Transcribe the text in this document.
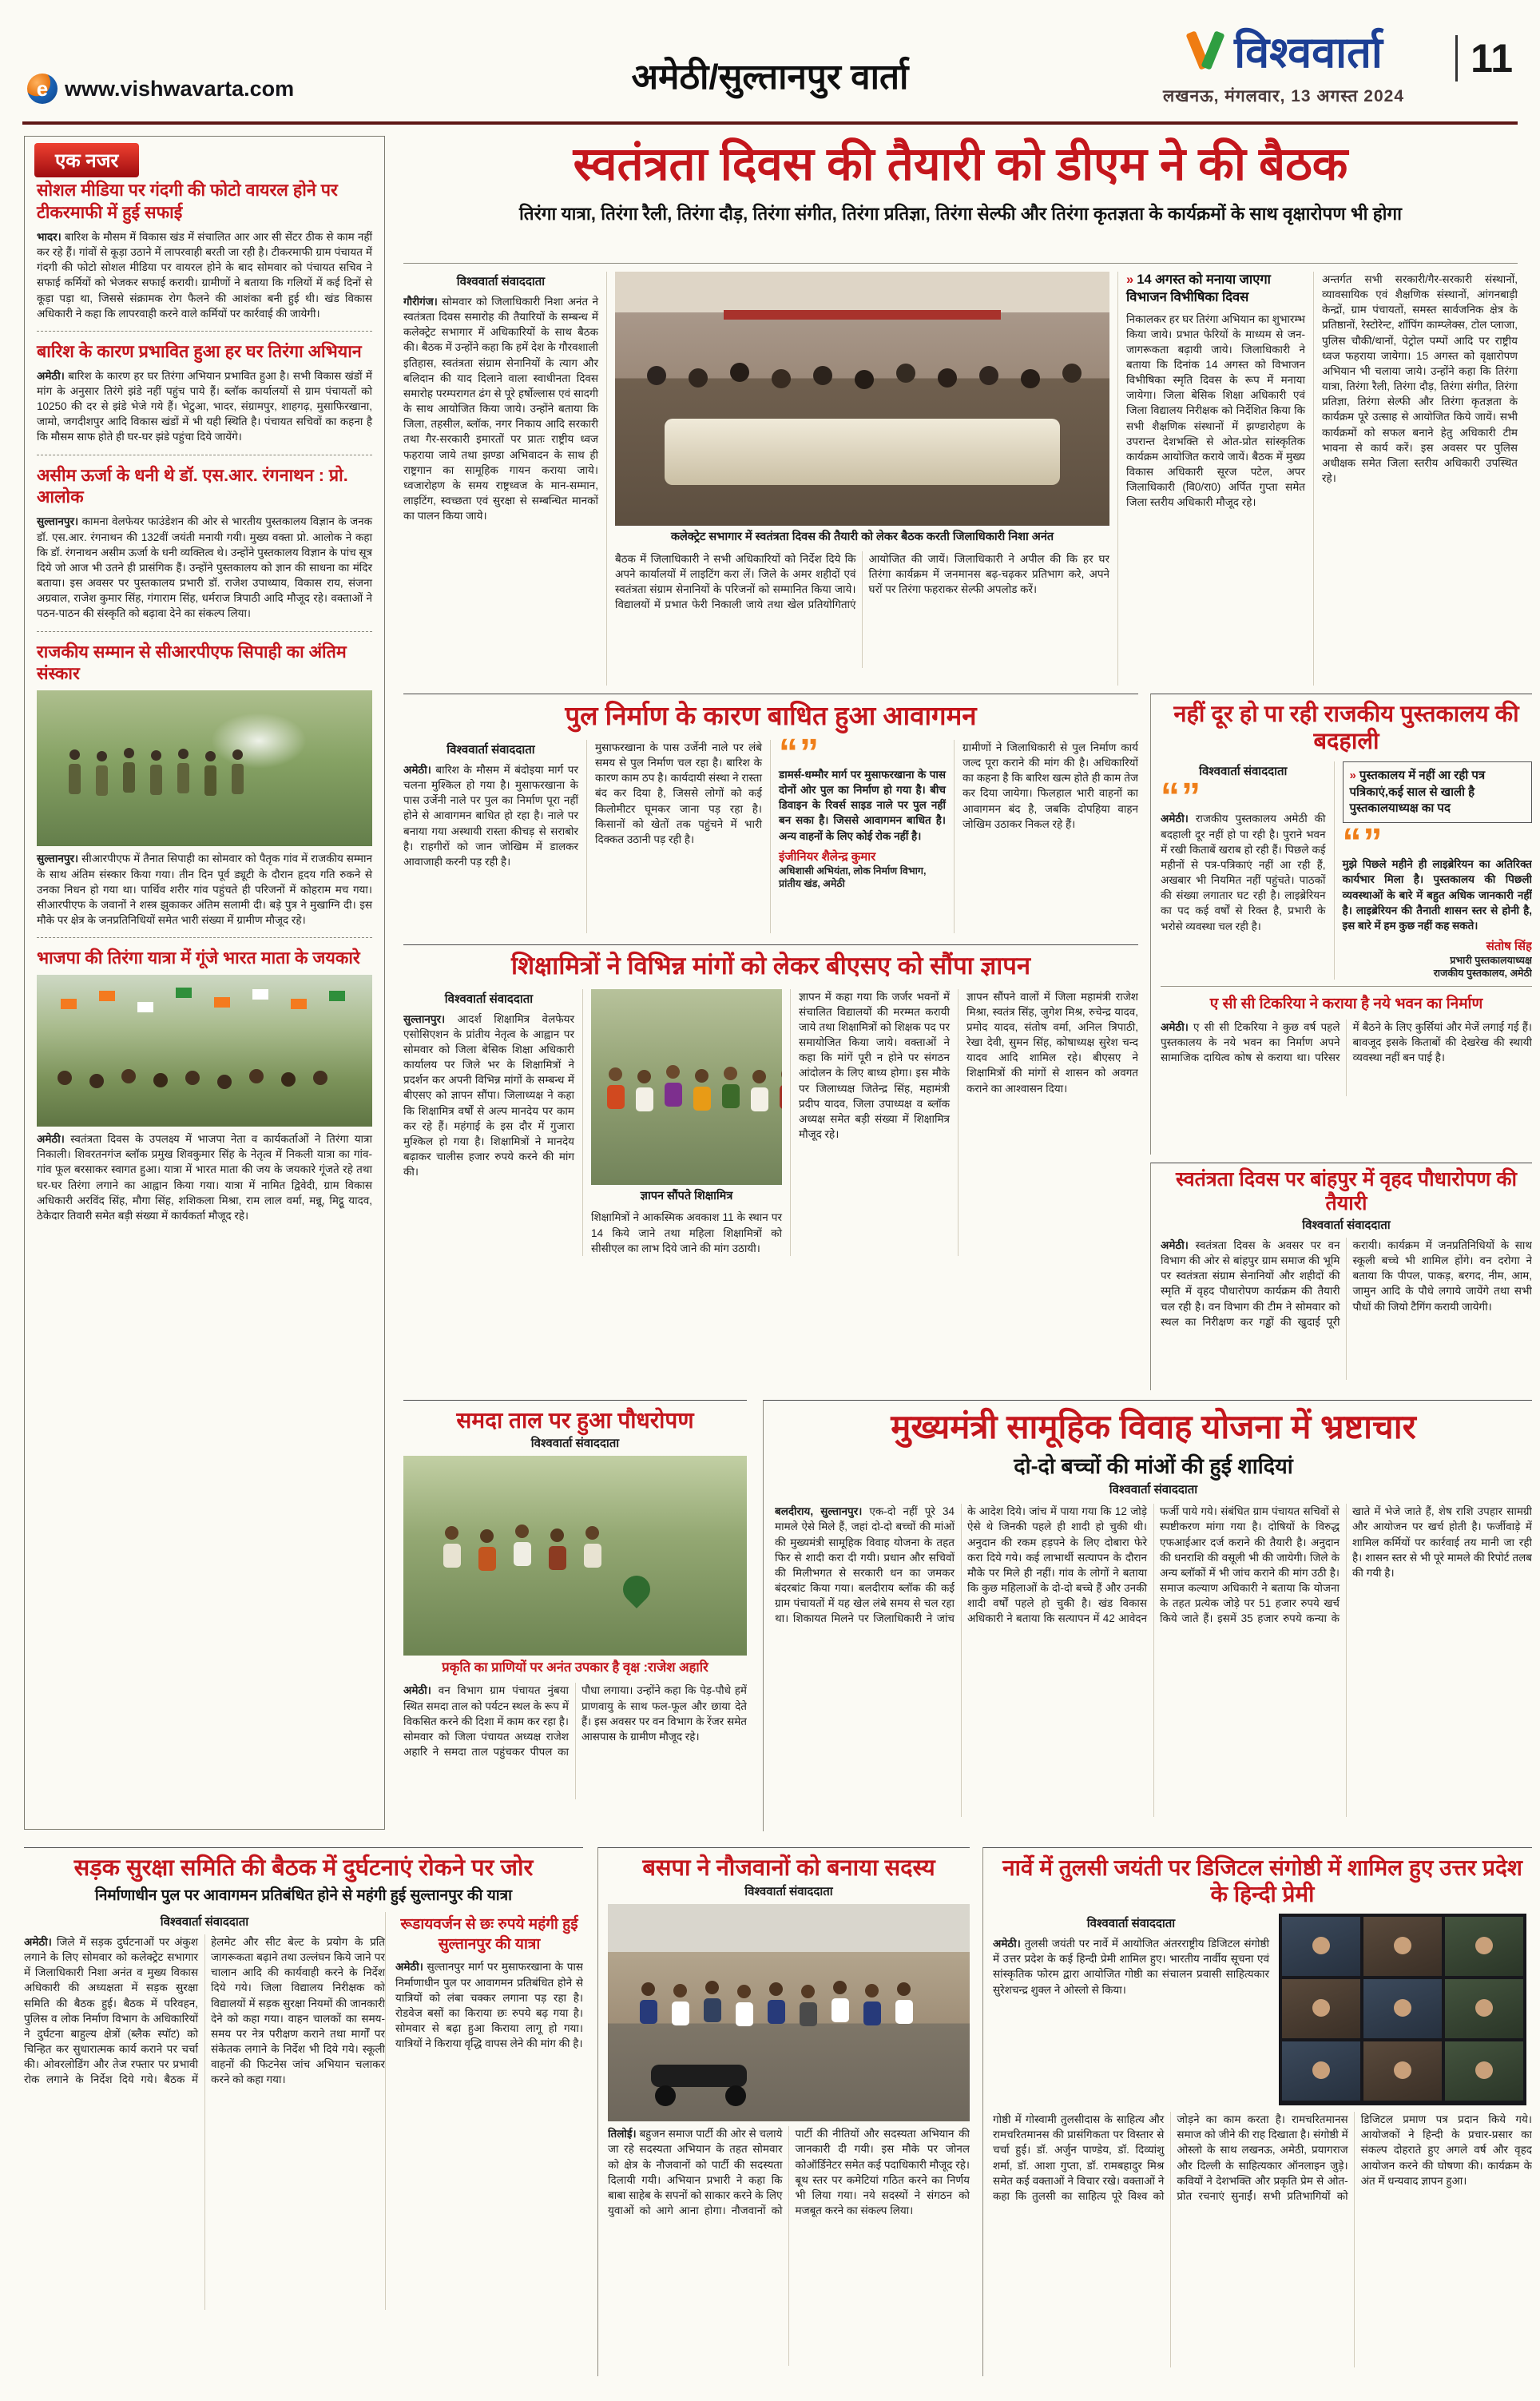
e
www.vishwavarta.com	अमेठी/सुल्तानपुर वार्ता
विश्ववार्ता
लखनऊ, मंगलवार, 13 अगस्त 2024
11
एक नजर
सोशल मीडिया पर गंदगी की फोटो वायरल होने पर टीकरमाफी में हुई सफाई

भादर। बारिश के मौसम में विकास खंड में संचालित आर आर सी सेंटर ठीक से काम नहीं कर रहे हैं। गांवों से कूड़ा उठाने में लापरवाही बरती जा रही है। टीकरमाफी ग्राम पंचायत में गंदगी की फोटो सोशल मीडिया पर वायरल होने के बाद सोमवार को पंचायत सचिव ने सफाई कर्मियों को भेजकर सफाई करायी। ग्रामीणों ने बताया कि गलियों में कई दिनों से कूड़ा पड़ा था, जिससे संक्रामक रोग फैलने की आशंका बनी हुई थी। खंड विकास अधिकारी ने कहा कि लापरवाही करने वाले कर्मियों पर कार्रवाई की जायेगी।

बारिश के कारण प्रभावित हुआ हर घर तिरंगा अभियान

अमेठी। बारिश के कारण हर घर तिरंगा अभियान प्रभावित हुआ है। सभी विकास खंडों में मांग के अनुसार तिरंगे झंडे नहीं पहुंच पाये हैं। ब्लॉक कार्यालयों से ग्राम पंचायतों को 10250 की दर से झंडे भेजे गये हैं। भेटुआ, भादर, संग्रामपुर, शाहगढ़, मुसाफिरखाना, जामो, जगदीशपुर आदि विकास खंडों में भी यही स्थिति है। पंचायत सचिवों का कहना है कि मौसम साफ होते ही घर-घर झंडे पहुंचा दिये जायेंगे।

असीम ऊर्जा के धनी थे डॉ. एस.आर. रंगनाथन : प्रो. आलोक

सुल्तानपुर। कामना वेलफेयर फाउंडेशन की ओर से भारतीय पुस्तकालय विज्ञान के जनक डॉ. एस.आर. रंगनाथन की 132वीं जयंती मनायी गयी। मुख्य वक्ता प्रो. आलोक ने कहा कि डॉ. रंगनाथन असीम ऊर्जा के धनी व्यक्तित्व थे। उन्होंने पुस्तकालय विज्ञान के पांच सूत्र दिये जो आज भी उतने ही प्रासंगिक हैं। उन्होंने पुस्तकालय को ज्ञान की साधना का मंदिर बताया। इस अवसर पर पुस्तकालय प्रभारी डॉ. राजेश उपाध्याय, विकास राय, संजना अग्रवाल, राजेश कुमार सिंह, गंगाराम सिंह, धर्मराज त्रिपाठी आदि मौजूद रहे। वक्ताओं ने पठन-पाठन की संस्कृति को बढ़ावा देने का संकल्प लिया।

राजकीय सम्मान से सीआरपीएफ सिपाही का अंतिम संस्कार

सुल्तानपुर। सीआरपीएफ में तैनात सिपाही का सोमवार को पैतृक गांव में राजकीय सम्मान के साथ अंतिम संस्कार किया गया। तीन दिन पूर्व ड्यूटी के दौरान हृदय गति रुकने से उनका निधन हो गया था। पार्थिव शरीर गांव पहुंचते ही परिजनों में कोहराम मच गया। सीआरपीएफ के जवानों ने शस्त्र झुकाकर अंतिम सलामी दी। बड़े पुत्र ने मुखाग्नि दी। इस मौके पर क्षेत्र के जनप्रतिनिधियों समेत भारी संख्या में ग्रामीण मौजूद रहे।

भाजपा की तिरंगा यात्रा में गूंजे भारत माता के जयकारे

अमेठी। स्वतंत्रता दिवस के उपलक्ष्य में भाजपा नेता व कार्यकर्ताओं ने तिरंगा यात्रा निकाली। शिवरतनगंज ब्लॉक प्रमुख शिवकुमार सिंह के नेतृत्व में निकली यात्रा का गांव-गांव फूल बरसाकर स्वागत हुआ। यात्रा में भारत माता की जय के जयकारे गूंजते रहे तथा घर-घर तिरंगा लगाने का आह्वान किया गया। यात्रा में नामित द्विवेदी, ग्राम विकास अधिकारी अरविंद सिंह, मौगा सिंह, शशिकला मिश्रा, राम लाल वर्मा, मन्नू, मिट्ठू यादव, ठेकेदार तिवारी समेत बड़ी संख्या में कार्यकर्ता मौजूद रहे।

स्वतंत्रता दिवस की तैयारी को डीएम ने की बैठक
तिरंगा यात्रा, तिरंगा रैली, तिरंगा दौड़, तिरंगा संगीत, तिरंगा प्रतिज्ञा, तिरंगा सेल्फी और तिरंगा कृतज्ञता के कार्यक्रमों के साथ वृक्षारोपण भी होगा
विश्ववार्ता संवाददाता

गौरीगंज। सोमवार को जिलाधिकारी निशा अनंत ने स्वतंत्रता दिवस समारोह की तैयारियों के सम्बन्ध में कलेक्ट्रेट सभागार में अधिकारियों के साथ बैठक की। बैठक में उन्होंने कहा कि हमें देश के गौरवशाली इतिहास, स्वतंत्रता संग्राम सेनानियों के त्याग और बलिदान की याद दिलाने वाला स्वाधीनता दिवस समारोह परम्परागत ढंग से पूरे हर्षोल्लास एवं सादगी के साथ आयोजित किया जाये। उन्होंने बताया कि जिला, तहसील, ब्लॉक, नगर निकाय आदि सरकारी तथा गैर-सरकारी इमारतों पर प्रातः राष्ट्रीय ध्वज फहराया जाये तथा झण्डा अभिवादन के साथ ही राष्ट्रगान का सामूहिक गायन कराया जाये। ध्वजारोहण के समय राष्ट्रध्वज के मान-सम्मान, लाइटिंग, स्वच्छता एवं सुरक्षा से सम्बन्धित मानकों का पालन किया जाये।

कलेक्ट्रेट सभागार में स्वतंत्रता दिवस की तैयारी को लेकर बैठक करती जिलाधिकारी निशा अनंत
बैठक में जिलाधिकारी ने सभी अधिकारियों को निर्देश दिये कि अपने कार्यालयों में लाइटिंग करा लें। जिले के अमर शहीदों एवं स्वतंत्रता संग्राम सेनानियों के परिजनों को सम्मानित किया जाये। विद्यालयों में प्रभात फेरी निकाली जाये तथा खेल प्रतियोगिताएं आयोजित की जायें। जिलाधिकारी ने अपील की कि हर घर तिरंगा कार्यक्रम में जनमानस बढ़-चढ़कर प्रतिभाग करे, अपने घरों पर तिरंगा फहराकर सेल्फी अपलोड करें।

» 14 अगस्त को मनाया जाएगा विभाजन विभीषिका दिवस

निकालकर हर घर तिरंगा अभियान का शुभारम्भ किया जाये। प्रभात फेरियों के माध्यम से जन-जागरूकता बढ़ायी जाये। जिलाधिकारी ने बताया कि दिनांक 14 अगस्त को विभाजन विभीषिका स्मृति दिवस के रूप में मनाया जायेगा। जिला बेसिक शिक्षा अधिकारी एवं जिला विद्यालय निरीक्षक को निर्देशित किया कि सभी शैक्षणिक संस्थानों में झण्डारोहण के उपरान्त देशभक्ति से ओत-प्रोत सांस्कृतिक कार्यक्रम आयोजित कराये जायें। बैठक में मुख्य विकास अधिकारी सूरज पटेल, अपर जिलाधिकारी (वि0/रा0) अर्पित गुप्ता समेत जिला स्तरीय अधिकारी मौजूद रहे।

अन्तर्गत सभी सरकारी/गैर-सरकारी संस्थानों, व्यावसायिक एवं शैक्षणिक संस्थानों, आंगनबाड़ी केन्द्रों, ग्राम पंचायतों, समस्त सार्वजनिक क्षेत्र के प्रतिष्ठानों, रेस्टोरेन्ट, शॉपिंग काम्प्लेक्स, टोल प्लाजा, पुलिस चौकी/थानों, पेट्रोल पम्पों आदि पर राष्ट्रीय ध्वज फहराया जायेगा। 15 अगस्त को वृक्षारोपण अभियान भी चलाया जाये। उन्होंने कहा कि तिरंगा यात्रा, तिरंगा रैली, तिरंगा दौड़, तिरंगा संगीत, तिरंगा प्रतिज्ञा, तिरंगा सेल्फी और तिरंगा कृतज्ञता के कार्यक्रम पूरे उत्साह से आयोजित किये जायें। सभी कार्यक्रमों को सफल बनाने हेतु अधिकारी टीम भावना से कार्य करें। इस अवसर पर पुलिस अधीक्षक समेत जिला स्तरीय अधिकारी उपस्थित रहे।

पुल निर्माण के कारण बाधित हुआ आवागमन
विश्ववार्ता संवाददाता

अमेठी। बारिश के मौसम में बंदोइया मार्ग पर चलना मुश्किल हो गया है। मुसाफरखाना के पास उर्जेनी नाले पर पुल का निर्माण पूरा नहीं होने से आवागमन बाधित हो रहा है। नाले पर बनाया गया अस्थायी रास्ता कीचड़ से सराबोर है। राहगीरों को जान जोखिम में डालकर आवाजाही करनी पड़ रही है।

मुसाफरखाना के पास उर्जेनी नाले पर लंबे समय से पुल निर्माण चल रहा है। बारिश के कारण काम ठप है। कार्यदायी संस्था ने रास्ता बंद कर दिया है, जिससे लोगों को कई किलोमीटर घूमकर जाना पड़ रहा है। किसानों को खेतों तक पहुंचने में भारी दिक्कत उठानी पड़ रही है।

“”

डामर्स-धम्मौर मार्ग पर मुसाफरखाना के पास दोनों ओर पुल का निर्माण हो गया है। बीच डिवाइन के रिवर्स साइड नाले पर पुल नहीं बन सका है। जिससे आवागमन बाधित है। अन्य वाहनों के लिए कोई रोक नहीं है।

इंजीनियर शैलेन्द्र कुमार
अधिशासी अभियंता, लोक निर्माण विभाग, प्रांतीय खंड, अमेठी

ग्रामीणों ने जिलाधिकारी से पुल निर्माण कार्य जल्द पूरा कराने की मांग की है। अधिकारियों का कहना है कि बारिश खत्म होते ही काम तेज कर दिया जायेगा। फिलहाल भारी वाहनों का आवागमन बंद है, जबकि दोपहिया वाहन जोखिम उठाकर निकल रहे हैं।

नहीं दूर हो पा रही राजकीय पुस्तकालय की बदहाली
विश्ववार्ता संवाददाता
“”

अमेठी। राजकीय पुस्तकालय अमेठी की बदहाली दूर नहीं हो पा रही है। पुराने भवन में रखी किताबें खराब हो रही हैं। पिछले कई महीनों से पत्र-पत्रिकाएं नहीं आ रही हैं, अखबार भी नियमित नहीं पहुंचते। पाठकों की संख्या लगातार घट रही है। लाइब्रेरियन का पद कई वर्षों से रिक्त है, प्रभारी के भरोसे व्यवस्था चल रही है।

» पुस्तकालय में नहीं आ रही पत्र पत्रिकाएं,कई साल से खाली है पुस्तकालयाध्यक्ष का पद
“”

मुझे पिछले महीने ही लाइब्रेरियन का अतिरिक्त कार्यभार मिला है। पुस्तकालय की पिछली व्यवस्थाओं के बारे में बहुत अधिक जानकारी नहीं है। लाइब्रेरियन की तैनाती शासन स्तर से होनी है, इस बारे में हम कुछ नहीं कह सकते।

संतोष सिंह
प्रभारी पुस्तकालयाध्यक्ष
राजकीय पुस्तकालय, अमेठी
ए सी सी टिकरिया ने कराया है नये भवन का निर्माण
अमेठी। ए सी सी टिकरिया ने कुछ वर्ष पहले पुस्तकालय के नये भवन का निर्माण अपने सामाजिक दायित्व कोष से कराया था। परिसर में बैठने के लिए कुर्सियां और मेजें लगाई गई हैं। बावजूद इसके किताबों की देखरेख की स्थायी व्यवस्था नहीं बन पाई है।
शिक्षामित्रों ने विभिन्न मांगों को लेकर बीएसए को सौंपा ज्ञापन
विश्ववार्ता संवाददाता

सुल्तानपुर। आदर्श शिक्षामित्र वेलफेयर एसोसिएशन के प्रांतीय नेतृत्व के आह्वान पर सोमवार को जिला बेसिक शिक्षा अधिकारी कार्यालय पर जिले भर के शिक्षामित्रों ने प्रदर्शन कर अपनी विभिन्न मांगों के सम्बन्ध में बीएसए को ज्ञापन सौंपा। जिलाध्यक्ष ने कहा कि शिक्षामित्र वर्षों से अल्प मानदेय पर काम कर रहे हैं। महंगाई के इस दौर में गुजारा मुश्किल हो गया है। शिक्षामित्रों ने मानदेय बढ़ाकर चालीस हजार रुपये करने की मांग की।

ज्ञापन सौंपते शिक्षामित्र

शिक्षामित्रों ने आकस्मिक अवकाश 11 के स्थान पर 14 किये जाने तथा महिला शिक्षामित्रों को सीसीएल का लाभ दिये जाने की मांग उठायी।

ज्ञापन में कहा गया कि जर्जर भवनों में संचालित विद्यालयों की मरम्मत करायी जाये तथा शिक्षामित्रों को शिक्षक पद पर समायोजित किया जाये। वक्ताओं ने कहा कि मांगें पूरी न होने पर संगठन आंदोलन के लिए बाध्य होगा। इस मौके पर जिलाध्यक्ष जितेन्द्र सिंह, महामंत्री प्रदीप यादव, जिला उपाध्यक्ष व ब्लॉक अध्यक्ष समेत बड़ी संख्या में शिक्षामित्र मौजूद रहे।

ज्ञापन सौंपने वालों में जिला महामंत्री राजेश मिश्रा, स्वतंत्र सिंह, जुगेश मिश्र, रुचेन्द्र यादव, प्रमोद यादव, संतोष वर्मा, अनिल त्रिपाठी, रेखा देवी, सुमन सिंह, कोषाध्यक्ष सुरेश चन्द यादव आदि शामिल रहे। बीएसए ने शिक्षामित्रों की मांगों से शासन को अवगत कराने का आश्वासन दिया।

स्वतंत्रता दिवस पर बांहपुर में वृहद पौधारोपण की तैयारी
विश्ववार्ता संवाददाता
अमेठी। स्वतंत्रता दिवस के अवसर पर वन विभाग की ओर से बांहपुर ग्राम समाज की भूमि पर स्वतंत्रता संग्राम सेनानियों और शहीदों की स्मृति में वृहद पौधारोपण कार्यक्रम की तैयारी चल रही है। वन विभाग की टीम ने सोमवार को स्थल का निरीक्षण कर गड्ढों की खुदाई पूरी करायी। कार्यक्रम में जनप्रतिनिधियों के साथ स्कूली बच्चे भी शामिल होंगे। वन दरोगा ने बताया कि पीपल, पाकड़, बरगद, नीम, आम, जामुन आदि के पौधे लगाये जायेंगे तथा सभी पौधों की जियो टैगिंग करायी जायेगी।
समदा ताल पर हुआ पौधरोपण
विश्ववार्ता संवाददाता
प्रकृति का प्राणियों पर अनंत उपकार है वृक्ष :राजेश अहारि
अमेठी। वन विभाग ग्राम पंचायत नुंबया स्थित समदा ताल को पर्यटन स्थल के रूप में विकसित करने की दिशा में काम कर रहा है। सोमवार को जिला पंचायत अध्यक्ष राजेश अहारि ने समदा ताल पहुंचकर पीपल का पौधा लगाया। उन्होंने कहा कि पेड़-पौधे हमें प्राणवायु के साथ फल-फूल और छाया देते हैं। इस अवसर पर वन विभाग के रेंजर समेत आसपास के ग्रामीण मौजूद रहे।
मुख्यमंत्री सामूहिक विवाह योजना में भ्रष्टाचार
दो-दो बच्चों की मांओं की हुई शादियां
विश्ववार्ता संवाददाता
बलदीराय, सुल्तानपुर। एक-दो नहीं पूरे 34 मामले ऐसे मिले हैं, जहां दो-दो बच्चों की मांओं की मुख्यमंत्री सामूहिक विवाह योजना के तहत फिर से शादी करा दी गयी। प्रधान और सचिवों की मिलीभगत से सरकारी धन का जमकर बंदरबांट किया गया। बलदीराय ब्लॉक की कई ग्राम पंचायतों में यह खेल लंबे समय से चल रहा था। शिकायत मिलने पर जिलाधिकारी ने जांच के आदेश दिये। जांच में पाया गया कि 12 जोड़े ऐसे थे जिनकी पहले ही शादी हो चुकी थी। अनुदान की रकम हड़पने के लिए दोबारा फेरे करा दिये गये। कई लाभार्थी सत्यापन के दौरान मौके पर मिले ही नहीं। गांव के लोगों ने बताया कि कुछ महिलाओं के दो-दो बच्चे हैं और उनकी शादी वर्षों पहले हो चुकी है। खंड विकास अधिकारी ने बताया कि सत्यापन में 42 आवेदन फर्जी पाये गये। संबंधित ग्राम पंचायत सचिवों से स्पष्टीकरण मांगा गया है। दोषियों के विरुद्ध एफआईआर दर्ज कराने की तैयारी है। अनुदान की धनराशि की वसूली भी की जायेगी। जिले के अन्य ब्लॉकों में भी जांच कराने की मांग उठी है। समाज कल्याण अधिकारी ने बताया कि योजना के तहत प्रत्येक जोड़े पर 51 हजार रुपये खर्च किये जाते हैं। इसमें 35 हजार रुपये कन्या के खाते में भेजे जाते हैं, शेष राशि उपहार सामग्री और आयोजन पर खर्च होती है। फर्जीवाड़े में शामिल कर्मियों पर कार्रवाई तय मानी जा रही है। शासन स्तर से भी पूरे मामले की रिपोर्ट तलब की गयी है।
सड़क सुरक्षा समिति की बैठक में दुर्घटनाएं रोकने पर जोर
निर्माणाधीन पुल पर आवागमन प्रतिबंधित होने से महंगी हुई सुल्तानपुर की यात्रा
विश्ववार्ता संवाददाता
अमेठी। जिले में सड़क दुर्घटनाओं पर अंकुश लगाने के लिए सोमवार को कलेक्ट्रेट सभागार में जिलाधिकारी निशा अनंत व मुख्य विकास अधिकारी की अध्यक्षता में सड़क सुरक्षा समिति की बैठक हुई। बैठक में परिवहन, पुलिस व लोक निर्माण विभाग के अधिकारियों ने दुर्घटना बाहुल्य क्षेत्रों (ब्लैक स्पॉट) को चिन्हित कर सुधारात्मक कार्य कराने पर चर्चा की। ओवरलोडिंग और तेज रफ्तार पर प्रभावी रोक लगाने के निर्देश दिये गये। बैठक में हेलमेट और सीट बेल्ट के प्रयोग के प्रति जागरूकता बढ़ाने तथा उल्लंघन किये जाने पर चालान आदि की कार्यवाही करने के निर्देश दिये गये। जिला विद्यालय निरीक्षक को विद्यालयों में सड़क सुरक्षा नियमों की जानकारी देने को कहा गया। वाहन चालकों का समय-समय पर नेत्र परीक्षण कराने तथा मार्गों पर संकेतक लगाने के निर्देश भी दिये गये। स्कूली वाहनों की फिटनेस जांच अभियान चलाकर करने को कहा गया।
रूडायवर्जन से छः रुपये महंगी हुई सुल्तानपुर की यात्रा

अमेठी। सुल्तानपुर मार्ग पर मुसाफरखाना के पास निर्माणाधीन पुल पर आवागमन प्रतिबंधित होने से यात्रियों को लंबा चक्कर लगाना पड़ रहा है। रोडवेज बसों का किराया छः रुपये बढ़ गया है। सोमवार से बढ़ा हुआ किराया लागू हो गया। यात्रियों ने किराया वृद्धि वापस लेने की मांग की है।

बसपा ने नौजवानों को बनाया सदस्य
विश्ववार्ता संवाददाता
तिलोई। बहुजन समाज पार्टी की ओर से चलाये जा रहे सदस्यता अभियान के तहत सोमवार को क्षेत्र के नौजवानों को पार्टी की सदस्यता दिलायी गयी। अभियान प्रभारी ने कहा कि बाबा साहेब के सपनों को साकार करने के लिए युवाओं को आगे आना होगा। नौजवानों को पार्टी की नीतियों और सदस्यता अभियान की जानकारी दी गयी। इस मौके पर जोनल कोऑर्डिनेटर समेत कई पदाधिकारी मौजूद रहे। बूथ स्तर पर कमेटियां गठित करने का निर्णय भी लिया गया। नये सदस्यों ने संगठन को मजबूत करने का संकल्प लिया।
नार्वे में तुलसी जयंती पर डिजिटल संगोष्ठी में शामिल हुए उत्तर प्रदेश के हिन्दी प्रेमी
विश्ववार्ता संवाददाता

अमेठी। तुलसी जयंती पर नार्वे में आयोजित अंतरराष्ट्रीय डिजिटल संगोष्ठी में उत्तर प्रदेश के कई हिन्दी प्रेमी शामिल हुए। भारतीय नार्वीय सूचना एवं सांस्कृतिक फोरम द्वारा आयोजित गोष्ठी का संचालन प्रवासी साहित्यकार सुरेशचन्द्र शुक्ल ने ओस्लो से किया।

गोष्ठी में गोस्वामी तुलसीदास के साहित्य और रामचरितमानस की प्रासंगिकता पर विस्तार से चर्चा हुई। डॉ. अर्जुन पाण्डेय, डॉ. दिव्यांशु शर्मा, डॉ. आशा गुप्ता, डॉ. रामबहादुर मिश्र समेत कई वक्ताओं ने विचार रखे। वक्ताओं ने कहा कि तुलसी का साहित्य पूरे विश्व को जोड़ने का काम करता है। रामचरितमानस समाज को जीने की राह दिखाता है। संगोष्ठी में ओस्लो के साथ लखनऊ, अमेठी, प्रयागराज और दिल्ली के साहित्यकार ऑनलाइन जुड़े। कवियों ने देशभक्ति और प्रकृति प्रेम से ओत-प्रोत रचनाएं सुनाईं। सभी प्रतिभागियों को डिजिटल प्रमाण पत्र प्रदान किये गये। आयोजकों ने हिन्दी के प्रचार-प्रसार का संकल्प दोहराते हुए अगले वर्ष और वृहद आयोजन करने की घोषणा की। कार्यक्रम के अंत में धन्यवाद ज्ञापन हुआ।
